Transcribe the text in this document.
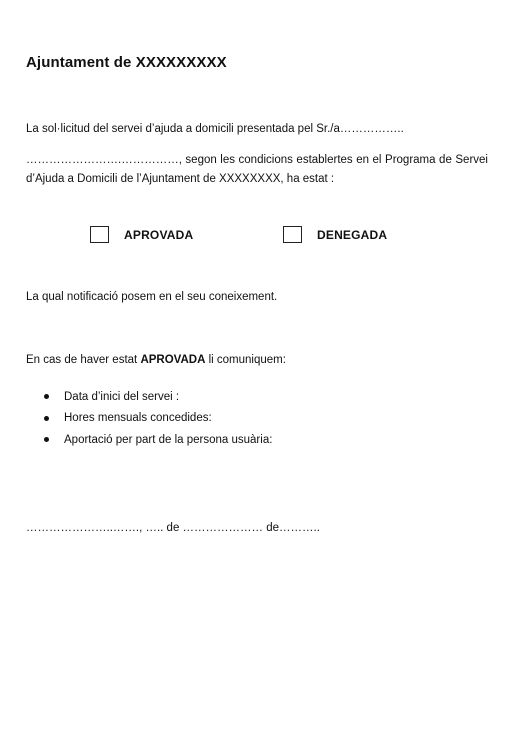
Ajuntament de XXXXXXXXX

La sol·licitud del servei d’ajuda a domicili presentada pel Sr./a……………..

…………………….……………, segon les condicions establertes en el Programa de Servei d’Ajuda a Domicili de l’Ajuntament de XXXXXXXX, ha estat :

APROVADA	DENEGADA

La qual notificació posem en el seu coneixement.

En cas de haver estat APROVADA li comuniquem:

Data d’inici del servei :
Hores mensuals concedides:
Aportació per part de la persona usuària:
…………………..……., ….. de ………………… de………..
